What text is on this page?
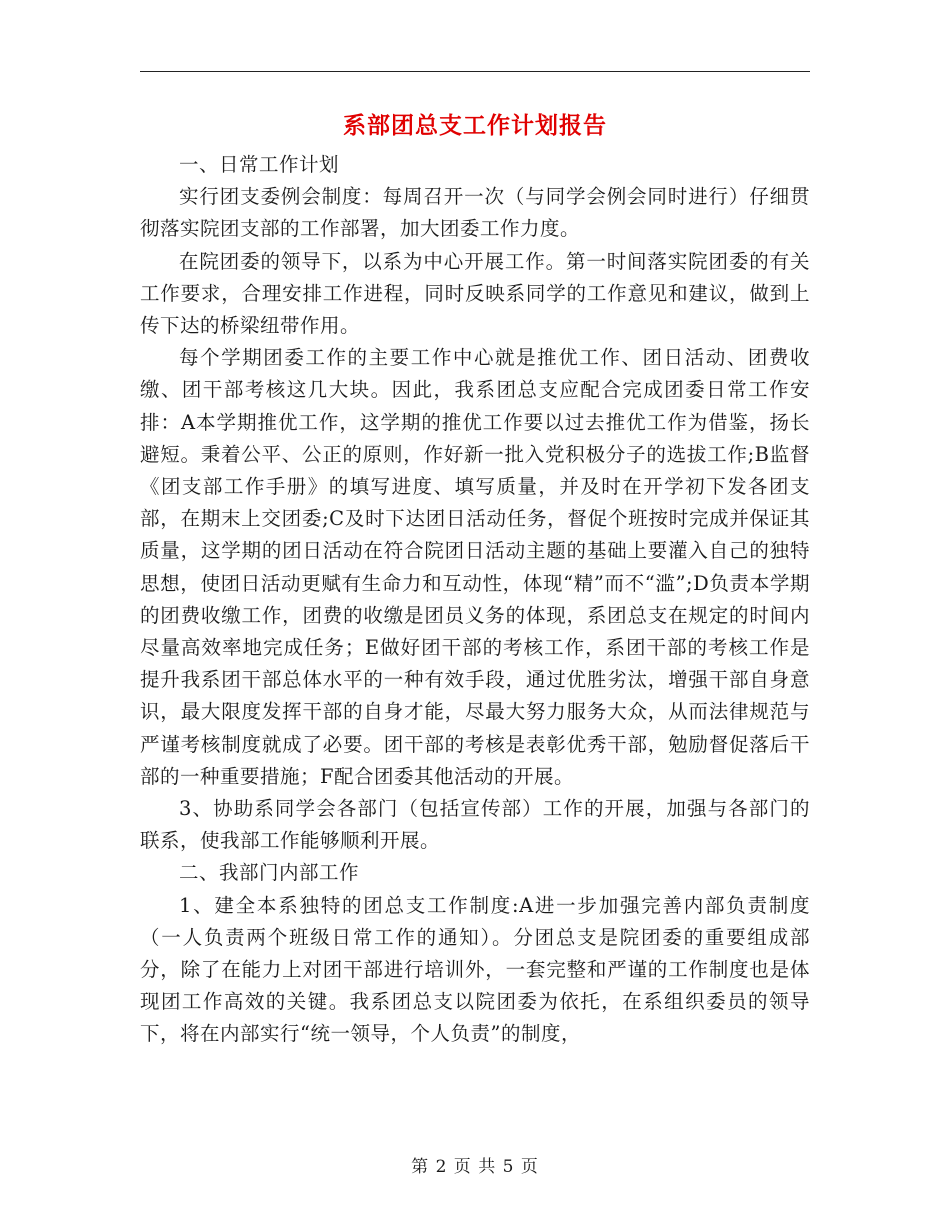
系部团总支工作计划报告

一、日常工作计划

实行团支委例会制度：每周召开一次（与同学会例会同时进行）仔细贯彻落实院团支部的工作部署，加大团委工作力度。

在院团委的领导下，以系为中心开展工作。第一时间落实院团委的有关工作要求，合理安排工作进程，同时反映系同学的工作意见和建议，做到上传下达的桥梁纽带作用。

每个学期团委工作的主要工作中心就是推优工作、团日活动、团费收缴、团干部考核这几大块。因此，我系团总支应配合完成团委日常工作安排：A本学期推优工作，这学期的推优工作要以过去推优工作为借鉴，扬长避短。秉着公平、公正的原则，作好新一批入党积极分子的选拔工作;B监督《团支部工作手册》的填写进度、填写质量，并及时在开学初下发各团支部，在期末上交团委;C及时下达团日活动任务，督促个班按时完成并保证其质量，这学期的团日活动在符合院团日活动主题的基础上要灌入自己的独特思想，使团日活动更赋有生命力和互动性，体现“精”而不“滥”;D负责本学期的团费收缴工作，团费的收缴是团员义务的体现，系团总支在规定的时间内尽量高效率地完成任务；E做好团干部的考核工作，系团干部的考核工作是提升我系团干部总体水平的一种有效手段，通过优胜劣汰，增强干部自身意识，最大限度发挥干部的自身才能，尽最大努力服务大众，从而法律规范与严谨考核制度就成了必要。团干部的考核是表彰优秀干部，勉励督促落后干部的一种重要措施；F配合团委其他活动的开展。

3、协助系同学会各部门（包括宣传部）工作的开展，加强与各部门的联系，使我部工作能够顺利开展。

二、我部门内部工作

1、建全本系独特的团总支工作制度:A进一步加强完善内部负责制度（一人负责两个班级日常工作的通知）。分团总支是院团委的重要组成部分，除了在能力上对团干部进行培训外，一套完整和严谨的工作制度也是体现团工作高效的关键。我系团总支以院团委为依托，在系组织委员的领导下，将在内部实行“统一领导，个人负责”的制度，

第 2 页 共 5 页
